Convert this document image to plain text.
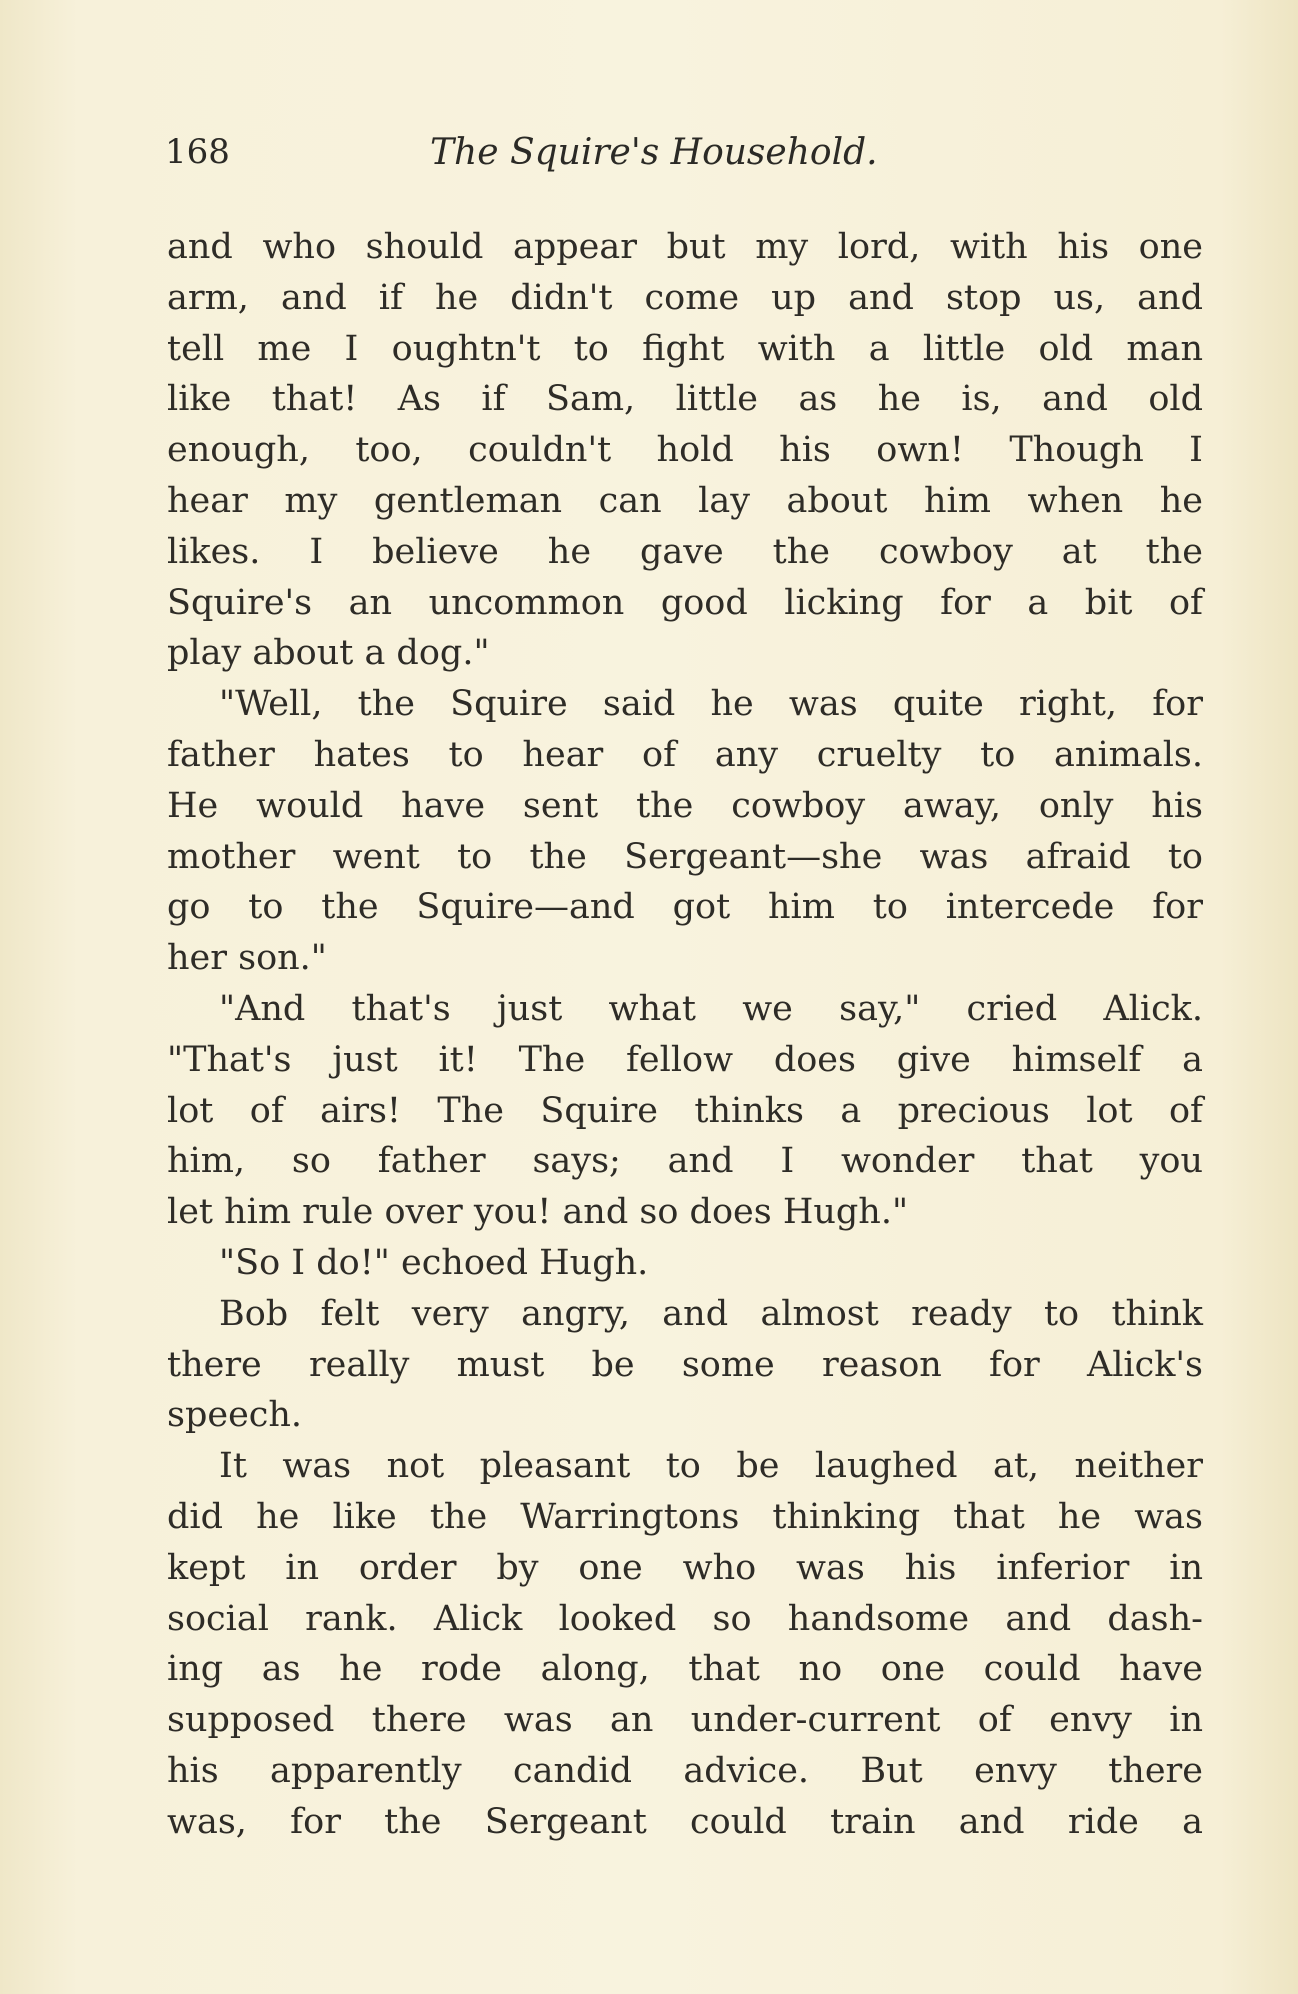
168	The Squire's Household.
and who should appear but my lord, with his one
arm, and if he didn't come up and stop us, and
tell me I oughtn't to fight with a little old man
like that! As if Sam, little as he is, and old
enough, too, couldn't hold his own! Though I
hear my gentleman can lay about him when he
likes. I believe he gave the cowboy at the
Squire's an uncommon good licking for a bit of
play about a dog."
"Well, the Squire said he was quite right, for
father hates to hear of any cruelty to animals.
He would have sent the cowboy away, only his
mother went to the Sergeant—she was afraid to
go to the Squire—and got him to intercede for
her son."
"And that's just what we say," cried Alick.
"That's just it! The fellow does give himself a
lot of airs! The Squire thinks a precious lot of
him, so father says; and I wonder that you
let him rule over you! and so does Hugh."
"So I do!" echoed Hugh.
Bob felt very angry, and almost ready to think
there really must be some reason for Alick's
speech.
It was not pleasant to be laughed at, neither
did he like the Warringtons thinking that he was
kept in order by one who was his inferior in
social rank. Alick looked so handsome and dash-
ing as he rode along, that no one could have
supposed there was an under-current of envy in
his apparently candid advice. But envy there
was, for the Sergeant could train and ride a
